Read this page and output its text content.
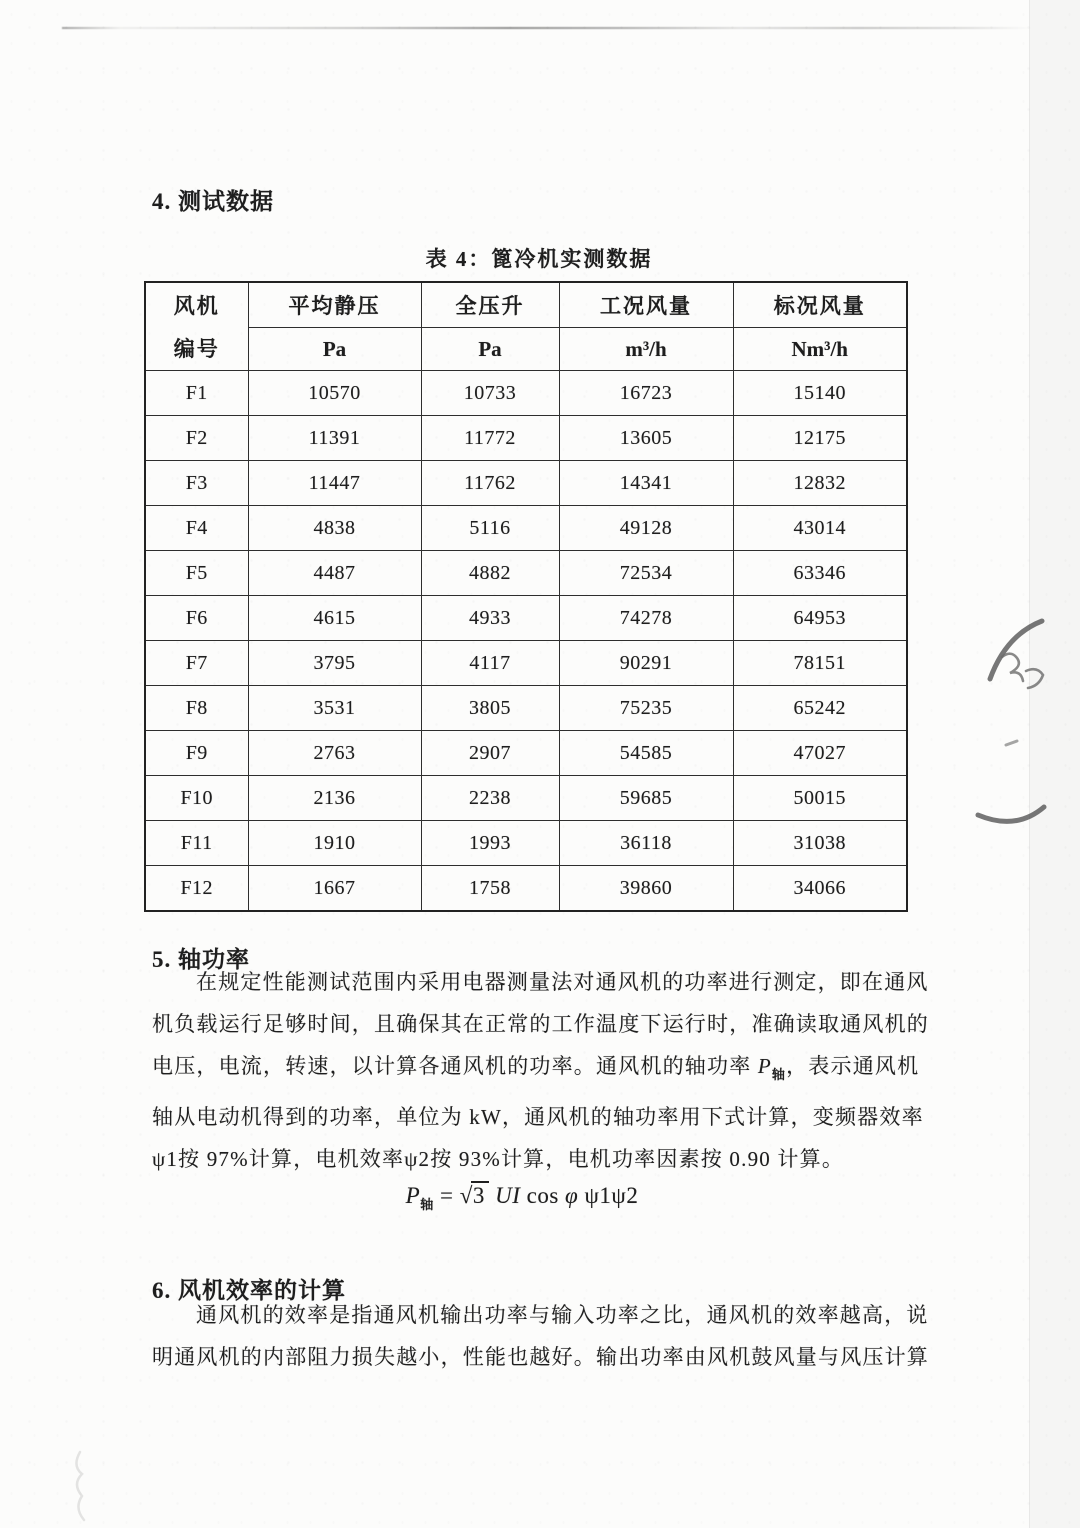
4. 测试数据
表 4：篦冷机实测数据
风机
编号	平均静压	全压升	工况风量	标况风量
	Pa	Pa	m³/h	Nm³/h
F1	10570	10733	16723	15140
F2	11391	11772	13605	12175
F3	11447	11762	14341	12832
F4	4838	5116	49128	43014
F5	4487	4882	72534	63346
F6	4615	4933	74278	64953
F7	3795	4117	90291	78151
F8	3531	3805	75235	65242
F9	2763	2907	54585	47027
F10	2136	2238	59685	50015
F11	1910	1993	36118	31038
F12	1667	1758	39860	34066
5. 轴功率
在规定性能测试范围内采用电器测量法对通风机的功率进行测定，即在通风
机负载运行足够时间，且确保其在正常的工作温度下运行时，准确读取通风机的
电压，电流，转速，以计算各通风机的功率。通风机的轴功率 $P_轴$，表示通风机
轴从电动机得到的功率，单位为 kW，通风机的轴功率用下式计算，变频器效率
ψ1按 97%计算，电机效率ψ2按 93%计算，电机功率因素按 0.90 计算。
$P_轴 = √3$ UI cos φ ψ1ψ2
6. 风机效率的计算
通风机的效率是指通风机输出功率与输入功率之比，通风机的效率越高，说
明通风机的内部阻力损失越小，性能也越好。输出功率由风机鼓风量与风压计算
